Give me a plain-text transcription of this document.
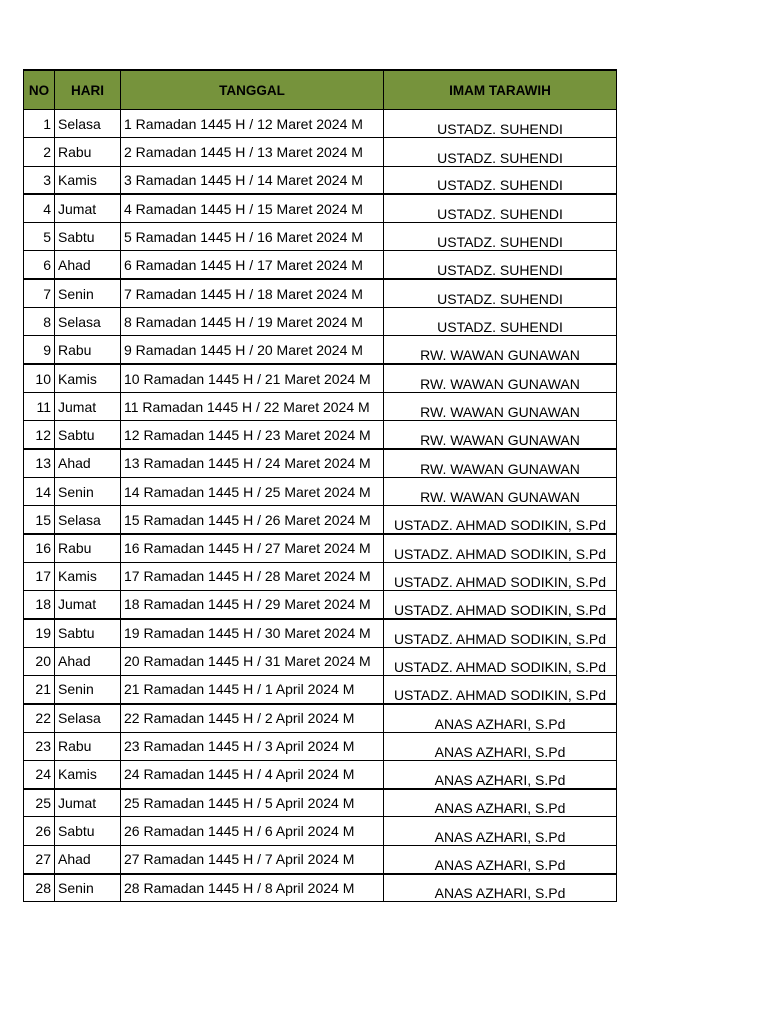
NO	HARI	TANGGAL	IMAM TARAWIH
1	Selasa	1 Ramadan 1445 H / 12 Maret 2024 M	USTADZ. SUHENDI
2	Rabu	2 Ramadan 1445 H / 13 Maret 2024 M	USTADZ. SUHENDI
3	Kamis	3 Ramadan 1445 H / 14 Maret 2024 M	USTADZ. SUHENDI
4	Jumat	4 Ramadan 1445 H / 15 Maret 2024 M	USTADZ. SUHENDI
5	Sabtu	5 Ramadan 1445 H / 16 Maret 2024 M	USTADZ. SUHENDI
6	Ahad	6 Ramadan 1445 H / 17 Maret 2024 M	USTADZ. SUHENDI
7	Senin	7 Ramadan 1445 H / 18 Maret 2024 M	USTADZ. SUHENDI
8	Selasa	8 Ramadan 1445 H / 19 Maret 2024 M	USTADZ. SUHENDI
9	Rabu	9 Ramadan 1445 H / 20 Maret 2024 M	RW. WAWAN GUNAWAN
10	Kamis	10 Ramadan 1445 H / 21 Maret 2024 M	RW. WAWAN GUNAWAN
11	Jumat	11 Ramadan 1445 H / 22 Maret 2024 M	RW. WAWAN GUNAWAN
12	Sabtu	12 Ramadan 1445 H / 23 Maret 2024 M	RW. WAWAN GUNAWAN
13	Ahad	13 Ramadan 1445 H / 24 Maret 2024 M	RW. WAWAN GUNAWAN
14	Senin	14 Ramadan 1445 H / 25 Maret 2024 M	RW. WAWAN GUNAWAN
15	Selasa	15 Ramadan 1445 H / 26 Maret 2024 M	USTADZ. AHMAD SODIKIN, S.Pd
16	Rabu	16 Ramadan 1445 H / 27 Maret 2024 M	USTADZ. AHMAD SODIKIN, S.Pd
17	Kamis	17 Ramadan 1445 H / 28 Maret 2024 M	USTADZ. AHMAD SODIKIN, S.Pd
18	Jumat	18 Ramadan 1445 H / 29 Maret 2024 M	USTADZ. AHMAD SODIKIN, S.Pd
19	Sabtu	19 Ramadan 1445 H / 30 Maret 2024 M	USTADZ. AHMAD SODIKIN, S.Pd
20	Ahad	20 Ramadan 1445 H / 31 Maret 2024 M	USTADZ. AHMAD SODIKIN, S.Pd
21	Senin	21 Ramadan 1445 H / 1 April 2024 M	USTADZ. AHMAD SODIKIN, S.Pd
22	Selasa	22 Ramadan 1445 H / 2 April 2024 M	ANAS AZHARI, S.Pd
23	Rabu	23 Ramadan 1445 H / 3 April 2024 M	ANAS AZHARI, S.Pd
24	Kamis	24 Ramadan 1445 H / 4 April 2024 M	ANAS AZHARI, S.Pd
25	Jumat	25 Ramadan 1445 H / 5 April 2024 M	ANAS AZHARI, S.Pd
26	Sabtu	26 Ramadan 1445 H / 6 April 2024 M	ANAS AZHARI, S.Pd
27	Ahad	27 Ramadan 1445 H / 7 April 2024 M	ANAS AZHARI, S.Pd
28	Senin	28 Ramadan 1445 H / 8 April 2024 M	ANAS AZHARI, S.Pd
